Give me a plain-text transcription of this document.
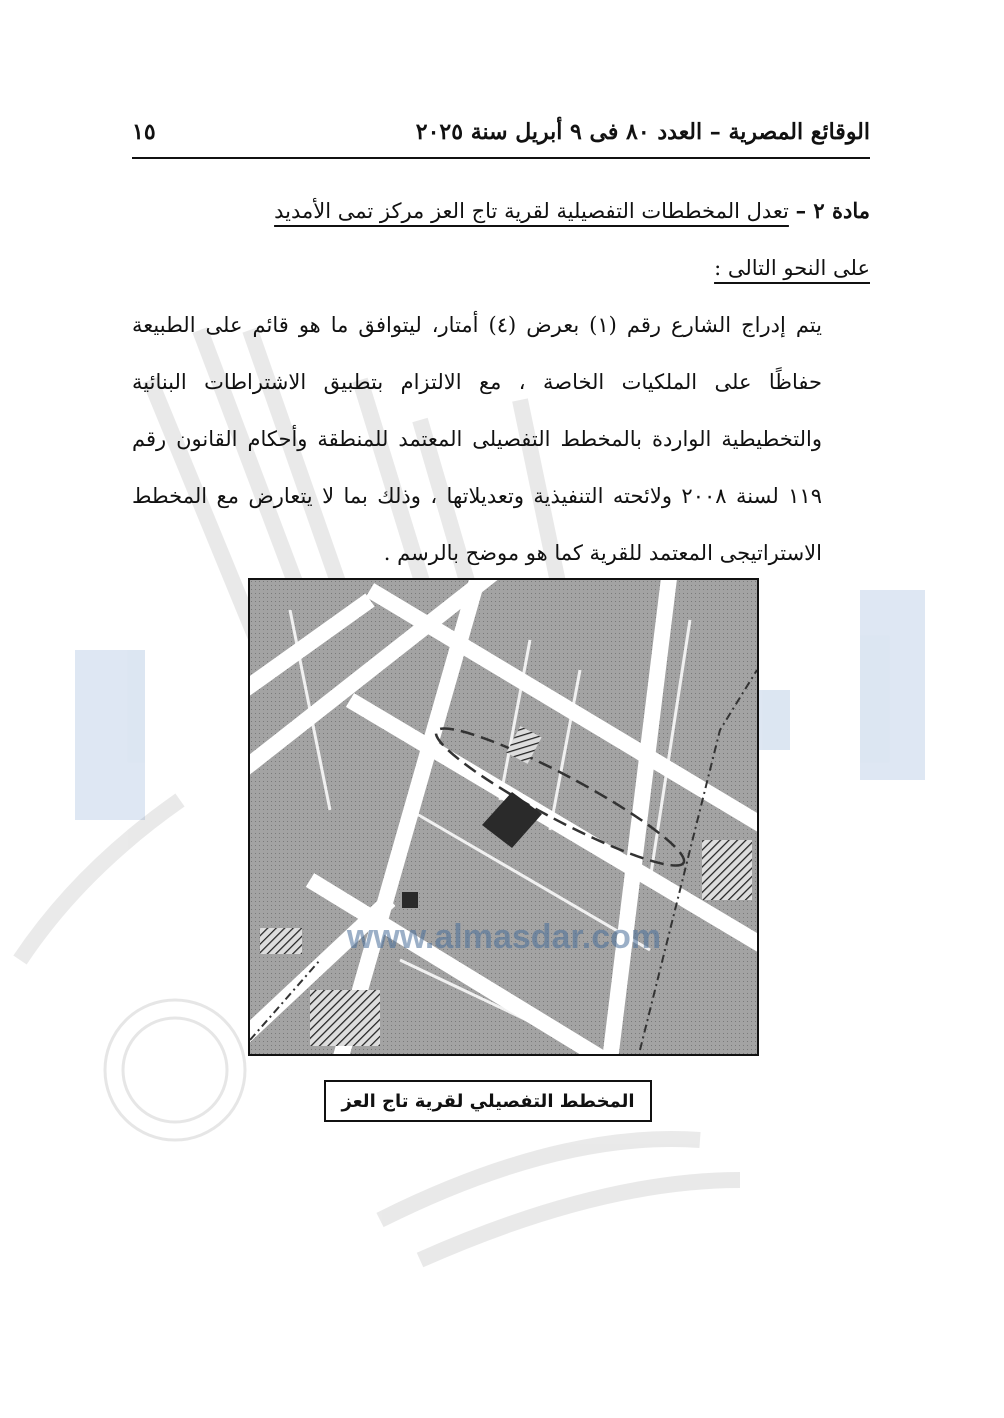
الوقائع المصرية – العدد ٨٠ فى ٩ أبريل سنة ٢٠٢٥
١٥

مادة ٢ – تعدل المخططات التفصيلية لقرية تاج العز مركز تمى الأمديد

على النحو التالى :

يتم إدراج الشارع رقم (١) بعرض (٤) أمتار، ليتوافق ما هو قائم على الطبيعة حفاظًا على الملكيات الخاصة ، مع الالتزام بتطبيق الاشتراطات البنائية والتخطيطية الواردة بالمخطط التفصيلى المعتمد للمنطقة وأحكام القانون رقم ١١٩ لسنة ٢٠٠٨ ولائحته التنفيذية وتعديلاتها ، وذلك بما لا يتعارض مع المخطط الاستراتيجى المعتمد للقرية كما هو موضح بالرسم .

www.almasdar.com
المخطط التفصيلي لقرية تاج العز
